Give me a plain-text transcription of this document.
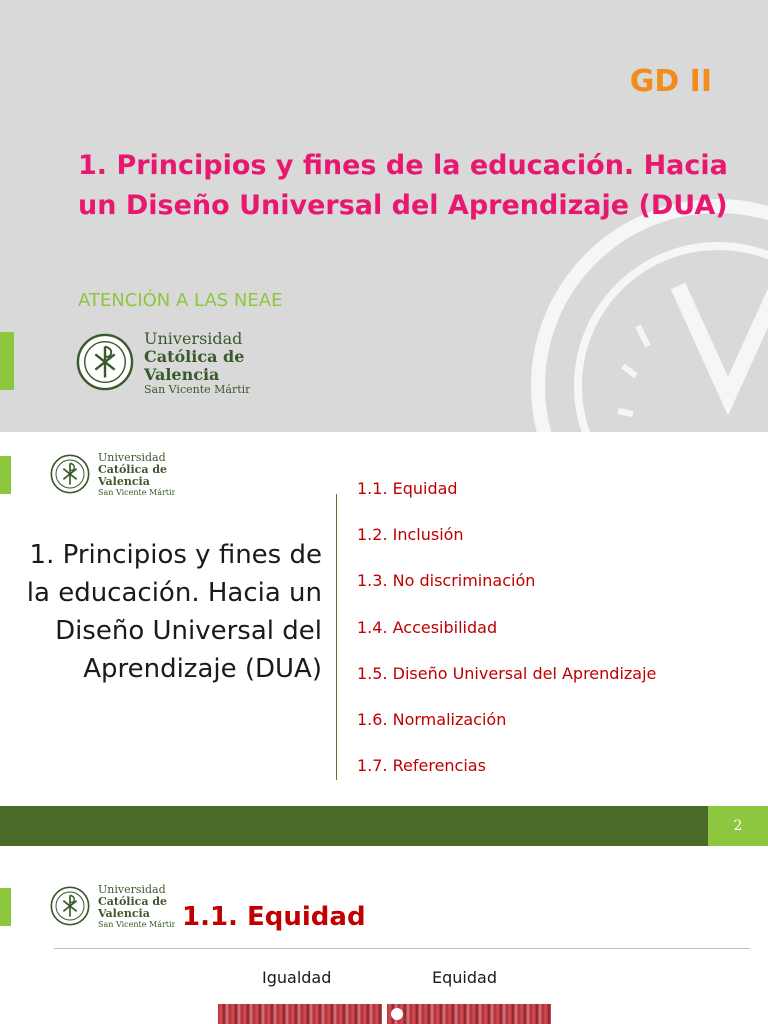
GD II
1. Principios y fines de la educación. Hacia un Diseño Universal del Aprendizaje (DUA)
ATENCIÓN A LAS NEAE
Universidad
Católica de
Valencia
San Vicente Mártir
Universidad
Católica de
Valencia
San Vicente Mártir
1. Principios y fines de la educación. Hacia un Diseño Universal del Aprendizaje (DUA)
1.1. Equidad
1.2. Inclusión
1.3. No discriminación
1.4. Accesibilidad
1.5. Diseño Universal del Aprendizaje
1.6. Normalización
1.7. Referencias
2
Universidad
Católica de
Valencia
San Vicente Mártir 1.1. Equidad
Igualdad	Equidad
